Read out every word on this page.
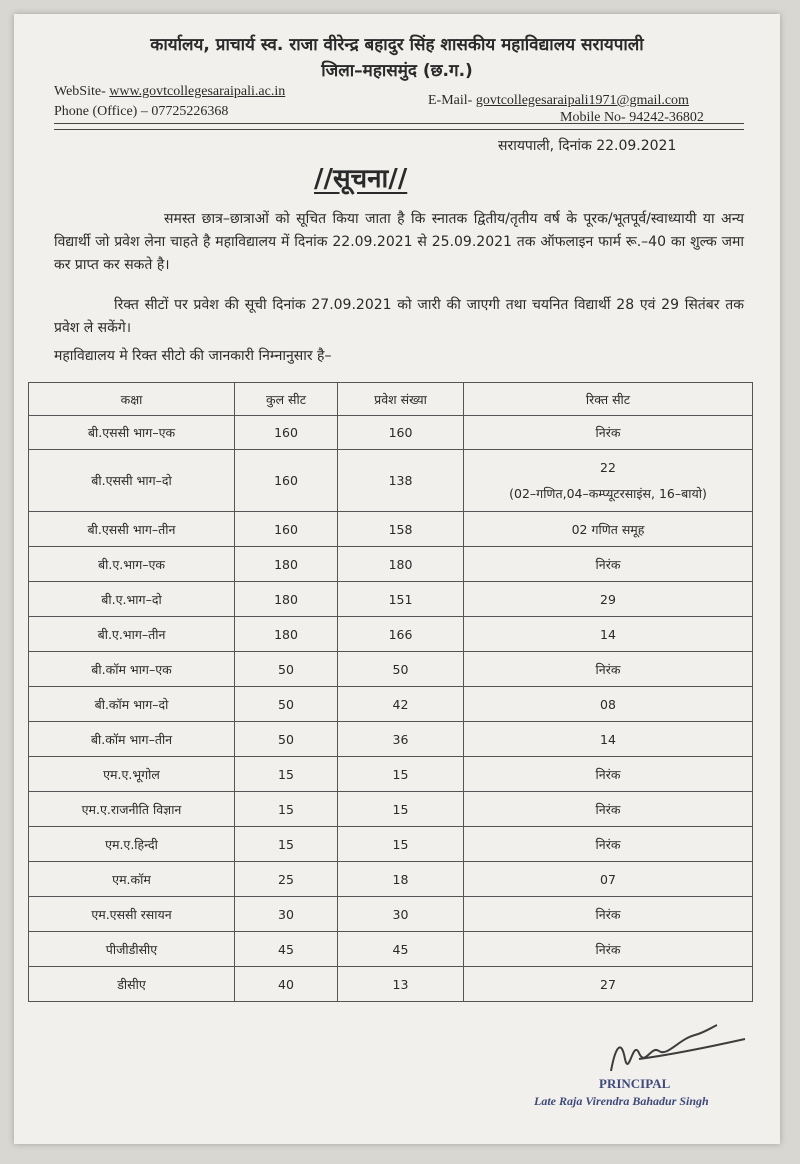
कार्यालय, प्राचार्य स्व. राजा वीरेन्द्र बहादुर सिंह शासकीय महाविद्यालय सरायपाली
जिला–महासमुंद (छ.ग.)
WebSite- www.govtcollegesaraipali.ac.in
E-Mail- govtcollegesaraipali1971@gmail.com
Phone (Office) – 07725226368	Mobile No- 94242-36802
सरायपाली, दिनांक 22.09.2021
//सूचना//
समस्त छात्र–छात्राओं को सूचित किया जाता है कि स्नातक द्वितीय/तृतीय वर्ष के पूरक/भूतपूर्व/स्वाध्यायी या अन्य विद्यार्थी जो प्रवेश लेना चाहते है महाविद्यालय में दिनांक 22.09.2021 से 25.09.2021 तक ऑफलाइन फार्म रू.–40 का शुल्क जमा कर प्राप्त कर सकते है।
रिक्त सीटों पर प्रवेश की सूची दिनांक 27.09.2021 को जारी की जाएगी तथा चयनित विद्यार्थी 28 एवं 29 सितंबर तक प्रवेश ले सकेंगे।
महाविद्यालय मे रिक्त सीटो की जानकारी निम्नानुसार है–
कक्षा	कुल सीट	प्रवेश संख्या	रिक्त सीट
बी.एससी भाग–एक	160	160	निरंक
बी.एससी भाग–दो	160	138	22
(02–गणित,04–कम्प्यूटरसाइंस, 16–बायो)

बी.एससी भाग–तीन	160	158	02 गणित समूह
बी.ए.भाग–एक	180	180	निरंक
बी.ए.भाग–दो	180	151	29
बी.ए.भाग–तीन	180	166	14
बी.कॉम भाग–एक	50	50	निरंक
बी.कॉम भाग–दो	50	42	08
बी.कॉम भाग–तीन	50	36	14
एम.ए.भूगोल	15	15	निरंक
एम.ए.राजनीति विज्ञान	15	15	निरंक
एम.ए.हिन्दी	15	15	निरंक
एम.कॉम	25	18	07
एम.एससी रसायन	30	30	निरंक
पीजीडीसीए	45	45	निरंक
डीसीए	40	13	27
PRINCIPAL
Late Raja Virendra Bahadur Singh
